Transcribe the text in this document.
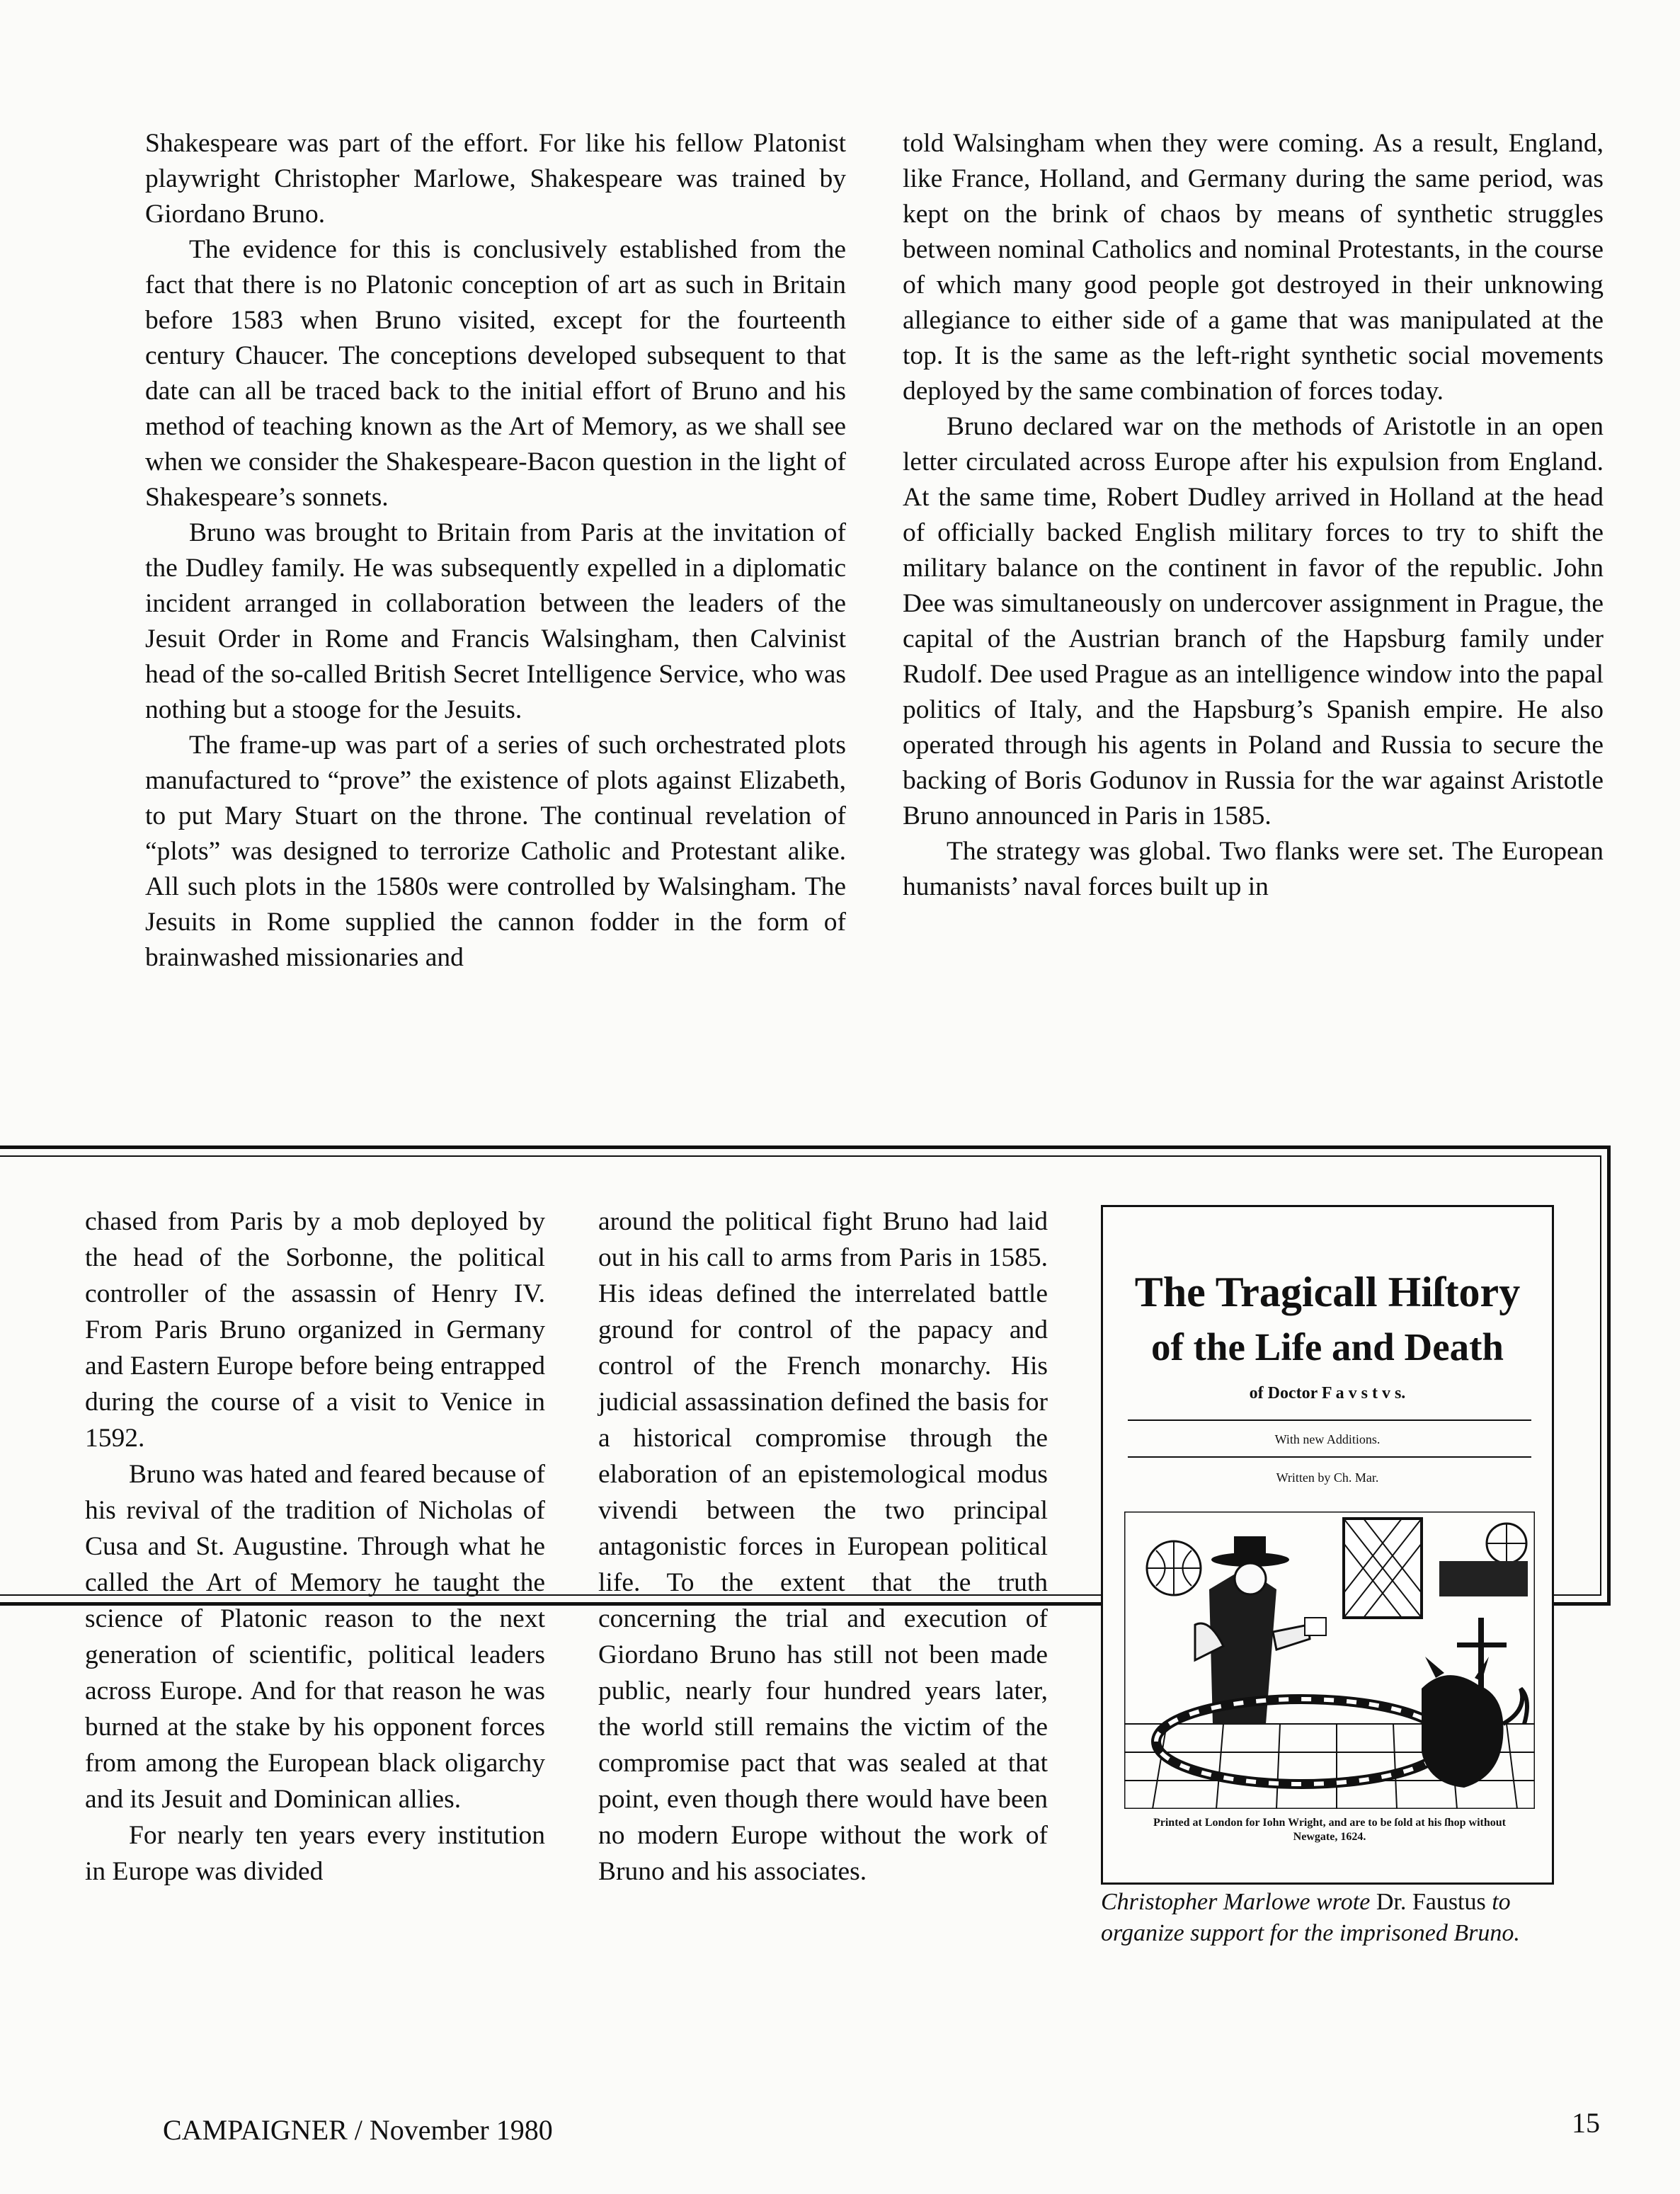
Shakespeare was part of the effort. For like his fellow Platonist playwright Christopher Marlowe, Shakespeare was trained by Giordano Bruno.

The evidence for this is conclusively established from the fact that there is no Platonic conception of art as such in Britain before 1583 when Bruno visited, except for the fourteenth century Chaucer. The conceptions developed subsequent to that date can all be traced back to the initial effort of Bruno and his method of teaching known as the Art of Memory, as we shall see when we consider the Shakespeare-Bacon question in the light of Shakespeare’s sonnets.

Bruno was brought to Britain from Paris at the invitation of the Dudley family. He was subsequently expelled in a diplomatic incident arranged in collaboration between the leaders of the Jesuit Order in Rome and Francis Walsingham, then Calvinist head of the so-called British Secret Intelligence Service, who was nothing but a stooge for the Jesuits.

The frame-up was part of a series of such orchestrated plots manufactured to “prove” the existence of plots against Elizabeth, to put Mary Stuart on the throne. The continual revelation of “plots” was designed to terrorize Catholic and Protestant alike. All such plots in the 1580s were controlled by Walsingham. The Jesuits in Rome supplied the cannon fodder in the form of brainwashed missionaries and

told Walsingham when they were coming. As a result, England, like France, Holland, and Germany during the same period, was kept on the brink of chaos by means of synthetic struggles between nominal Catholics and nominal Protestants, in the course of which many good people got destroyed in their unknowing allegiance to either side of a game that was manipulated at the top. It is the same as the left-right synthetic social movements deployed by the same combination of forces today.

Bruno declared war on the methods of Aristotle in an open letter circulated across Europe after his expulsion from England. At the same time, Robert Dudley arrived in Holland at the head of officially backed English military forces to try to shift the military balance on the continent in favor of the republic. John Dee was simultaneously on undercover assignment in Prague, the capital of the Austrian branch of the Hapsburg family under Rudolf. Dee used Prague as an intelligence window into the papal politics of Italy, and the Hapsburg’s Spanish empire. He also operated through his agents in Poland and Russia to secure the backing of Boris Godunov in Russia for the war against Aristotle Bruno announced in Paris in 1585.

The strategy was global. Two flanks were set. The European humanists’ naval forces built up in

chased from Paris by a mob deployed by the head of the Sorbonne, the political controller of the assassin of Henry IV. From Paris Bruno organized in Germany and Eastern Europe before being entrapped during the course of a visit to Venice in 1592.

Bruno was hated and feared because of his revival of the tradition of Nicholas of Cusa and St. Augustine. Through what he called the Art of Memory he taught the science of Platonic reason to the next generation of scientific, political leaders across Europe. And for that reason he was burned at the stake by his opponent forces from among the European black oligarchy and its Jesuit and Dominican allies.

For nearly ten years every institution in Europe was divided

around the political fight Bruno had laid out in his call to arms from Paris in 1585. His ideas defined the interrelated battle ground for control of the papacy and control of the French monarchy. His judicial assassination defined the basis for a historical compromise through the elaboration of an epistemological modus vivendi between the two principal antagonistic forces in European political life. To the extent that the truth concerning the trial and execution of Giordano Bruno has still not been made public, nearly four hundred years later, the world still remains the victim of the compromise pact that was sealed at that point, even though there would have been no modern Europe without the work of Bruno and his associates.

The Tragicall Hiſtory
of the Life and Death
of Doctor F a v s t v s.
With new Additions.
Written by Ch. Mar.
Printed at London for Iohn Wright, and are to be ſold at his ſhop without Newgate, 1624.
Christopher Marlowe wrote Dr. Faustus to organize support for the imprisoned Bruno.
CAMPAIGNER / November 1980	15
